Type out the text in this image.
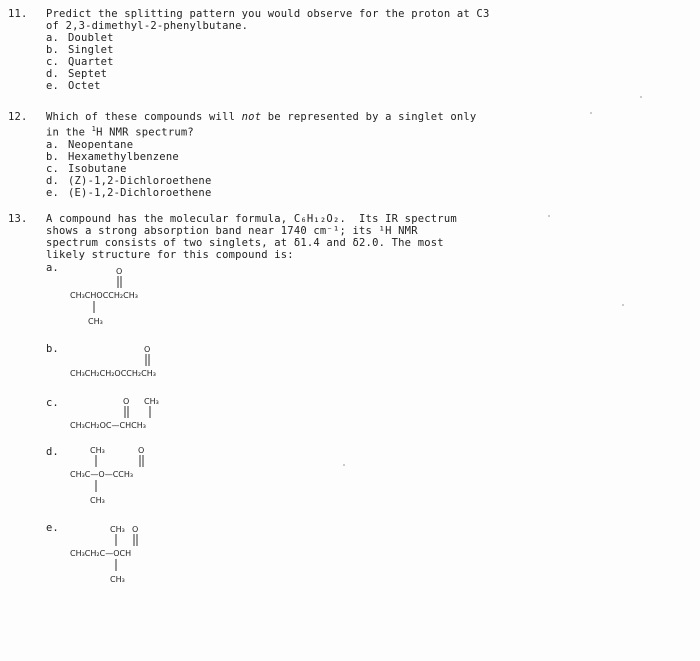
11. Predict the splitting pattern you would observe for the proton at C3
of 2,3-dimethyl-2-phenylbutane.
a. Doublet
b. Singlet
c. Quartet
d. Septet
e. Octet
12. Which of these compounds will not be represented by a singlet only
in the $^1$H NMR spectrum?
a. Neopentane
b. Hexamethylbenzene
c. Isobutane
d. (Z)-1,2-Dichloroethene
e. (E)-1,2-Dichloroethene
13. A compound has the molecular formula, C₆H₁₂O₂.  Its IR spectrum
shows a strong absorption band near 1740 cm⁻¹; its ¹H NMR
spectrum consists of two singlets, at δ1.4 and δ2.0. The most
likely structure for this compound is:
a.
b.
c.
d.
e.
O
CH₃CHOCCH₂CH₃
CH₃
O
CH₃CH₂CH₂OCCH₂CH₃
O CH₃
CH₃CH₂OC—CHCH₃
CH₃	O
CH₃C—O—CCH₃
CH₃
CH₃ O
CH₃CH₂C—OCH
CH₃
